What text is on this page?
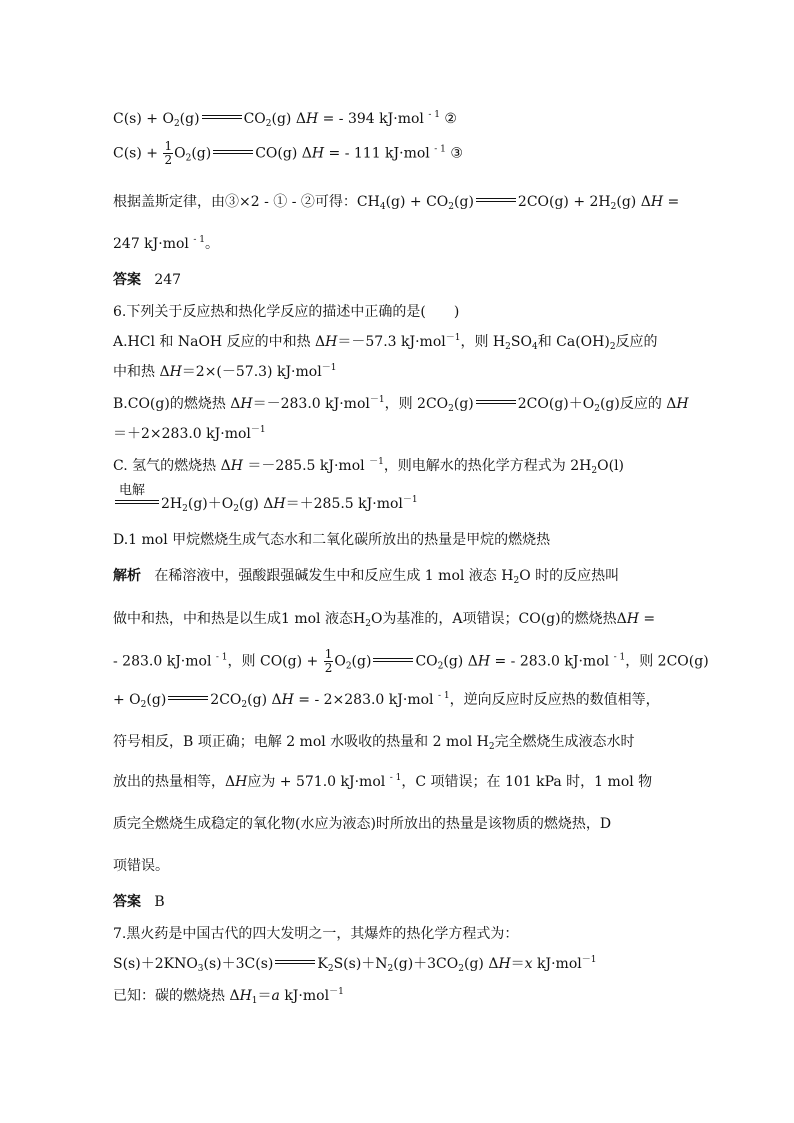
$C(s) + O_2(g)$	$CO_2(g) \Delta H$ = - 394 kJ·mol $^{- 1}$ ②
$C(s) + \frac{1}{2} O_2(g)$	CO(g) ΔH = - 111 kJ·mol $^{- 1}$ ③
根据盖斯定律，由③×2 - ① - ②可得：$CH_4(g) + CO_2(g)$	$2CO(g) + 2H_2(g) \Delta H$ =
247 kJ·mol $^{- 1}$。
答案 247
6.下列关于反应热和热化学反应的描述中正确的是(　　)
A.HCl 和 NaOH 反应的中和热 ΔH＝－57.3 kJ·mol$^{-1}$，则 $H_2SO_4$和 $Ca(OH)_2$反应的
中和热 ΔH＝2×(－57.3) kJ·mol$^{-1}$
B.CO(g)的燃烧热 ΔH＝－283.0 kJ·mol$^{-1}$，则 $2CO_2(g)$	$2CO(g)+O_2(g)$反应的 ΔH
＝＋2×283.0 kJ·mol$^{-1}$
C. 氢气的燃烧热 ΔH ＝－285.5 kJ·mol $^{-1}$，则电解水的热化学方程式为 $2H_2O(l)$
电解
$2H_2(g)+O_2(g)$ ΔH＝＋285.5 kJ·mol$^{-1}$
D.1 mol 甲烷燃烧生成气态水和二氧化碳所放出的热量是甲烷的燃烧热
解析 在稀溶液中，强酸跟强碱发生中和反应生成 1 mol 液态 $H_2O$ 时的反应热叫
做中和热，中和热是以生成1 mol 液态$H_2O$为基准的，A项错误；CO(g)的燃烧热ΔH =
- 283.0 kJ·mol $^{- 1}$，则 $CO(g) + \frac{1}{2} O_2(g)$	$CO_2(g) \Delta H$ = - 283.0 kJ·mol $^{- 1}$，则 2CO(g)
+ $O_2(g)$	$2CO_2(g) \Delta H$ = - 2×283.0 kJ·mol $^{- 1}$，逆向反应时反应热的数值相等，
符号相反，B 项正确；电解 2 mol 水吸收的热量和 2 mol $H_2$完全燃烧生成液态水时
放出的热量相等，ΔH应为 + 571.0 kJ·mol $^{- 1}$，C 项错误；在 101 kPa 时，1 mol 物
质完全燃烧生成稳定的氧化物(水应为液态)时所放出的热量是该物质的燃烧热，D
项错误。
答案 B
7.黑火药是中国古代的四大发明之一，其爆炸的热化学方程式为：
$S(s)+2KNO_3(s)+3C(s)$	$K_2S(s)+N_2(g)+3CO_2(g)$ ΔH＝x kJ·mol$^{-1}$
已知：碳的燃烧热 $\Delta H_1=a$ kJ·mol$^{-1}$
